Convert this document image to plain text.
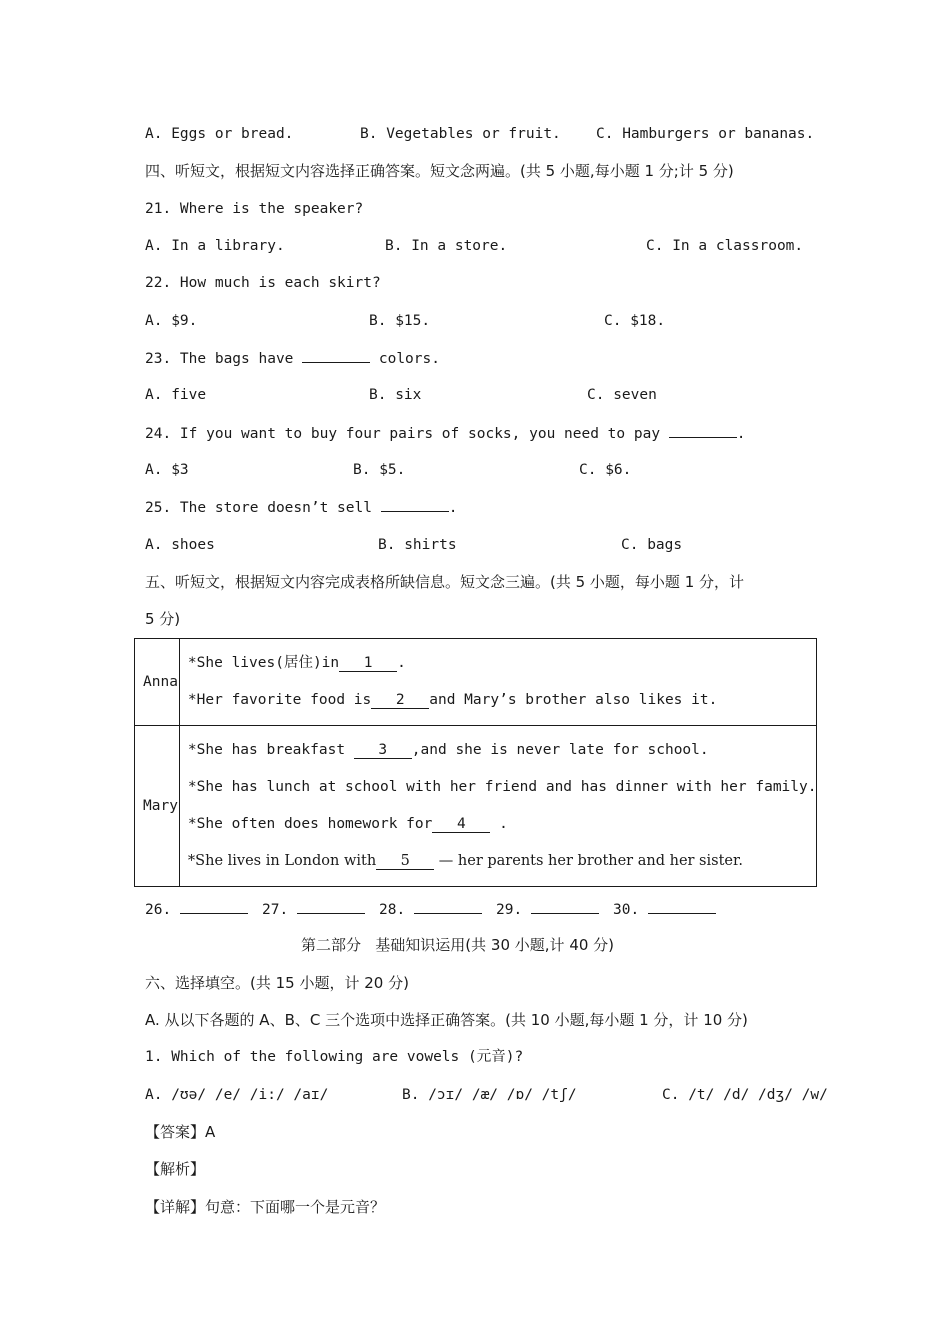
A. Eggs or bread.	B. Vegetables or fruit. C. Hamburgers or bananas.
四、听短文，根据短文内容选择正确答案。短文念两遍。(共 5 小题,每小题 1 分;计 5 分)
21. Where is the speaker?
A. In a library.	B. In a store.	C. In a classroom.
22. How much is each skirt?
A. $9.	B. $15.	C. $18.
23. The bags have	colors.
A. five	B. six	C. seven
24. If you want to buy four pairs of socks, you need to pay	.
A. $3	B. $5.	C. $6.
25. The store doesn’t sell	.
A. shoes	B. shirts	C. bags
五、听短文，根据短文内容完成表格所缺信息。短文念三遍。(共 5 小题，每小题 1 分，计
5 分)
Anna	*She lives(居住)in 1 .
*Her favorite food is 2 and Mary’s brother also likes it.

Mary	*She has breakfast 3 ,and she is never late for school.
*She has lunch at school with her friend and has dinner with her family.
*She often does homework for 4 .
*She lives in London with 5 — her parents her brother and her sister.
26.	27.	28.	29.	30.
第二部分   基础知识运用(共 30 小题,计 40 分)
六、选择填空。(共 15 小题，计 20 分)
A. 从以下各题的 A、B、C 三个选项中选择正确答案。(共 10 小题,每小题 1 分，计 10 分)
1. Which of the following are vowels (元音)?
A. /ʊə/ /e/ /i:/ /aɪ/	B. /ɔɪ/ /æ/ /ɒ/ /tʃ/	C. /t/ /d/ /dʒ/ /w/
【答案】A
【解析】
【详解】句意：下面哪一个是元音？
